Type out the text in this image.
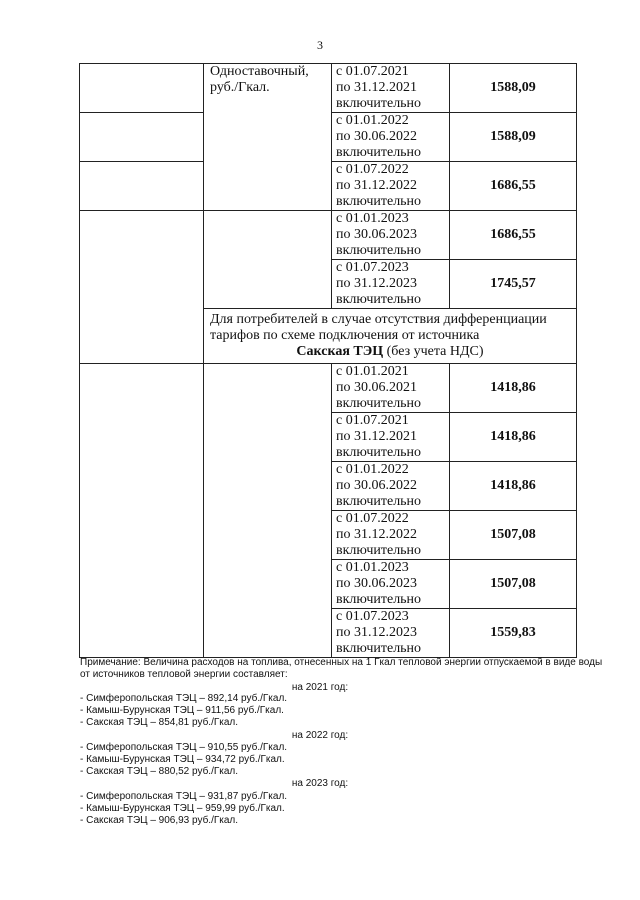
3
	Одноставочный, руб./Гкал.	с 01.07.2021
по 31.12.2021
включительно	1588,09

		с 01.01.2022
по 30.06.2022
включительно	1588,09

		с 01.07.2022
по 31.12.2022
включительно	1686,55

		с 01.01.2023
по 30.06.2023
включительно	1686,55

		с 01.07.2023
по 31.12.2023
включительно	1745,57

	Для потребителей в случае отсутствия дифференциации
тарифов по схеме подключения от источника
Сакская ТЭЦ (без учета НДС)		

		с 01.01.2021
по 30.06.2021
включительно	1418,86

		с 01.07.2021
по 31.12.2021
включительно	1418,86

		с 01.01.2022
по 30.06.2022
включительно	1418,86

		с 01.07.2022
по 31.12.2022
включительно	1507,08

		с 01.01.2023
по 30.06.2023
включительно	1507,08

		с 01.07.2023
по 31.12.2023
включительно	1559,83
Примечание: Величина расходов на топлива, отнесенных на 1 Гкал тепловой энергии отпускаемой в виде воды
от источников тепловой энергии составляет:
на 2021 год:
- Симферопольская ТЭЦ – 892,14 руб./Гкал.
- Камыш-Бурунская ТЭЦ – 911,56 руб./Гкал.
- Сакская ТЭЦ – 854,81 руб./Гкал.
на 2022 год:
- Симферопольская ТЭЦ – 910,55 руб./Гкал.
- Камыш-Бурунская ТЭЦ – 934,72 руб./Гкал.
- Сакская ТЭЦ – 880,52 руб./Гкал.
на 2023 год:
- Симферопольская ТЭЦ – 931,87 руб./Гкал.
- Камыш-Бурунская ТЭЦ – 959,99 руб./Гкал.
- Сакская ТЭЦ – 906,93 руб./Гкал.
